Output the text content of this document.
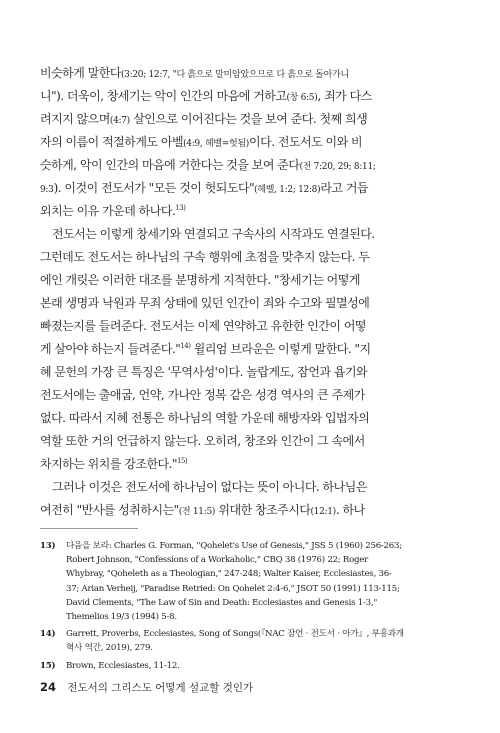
비슷하게 말한다(3:20; 12:7, "다 흙으로 말미암았으므로 다 흙으로 돌아가니
니"). 더욱이, 창세기는 악이 인간의 마음에 거하고(창 6:5), 죄가 다스
려지지 않으며(4:7) 살인으로 이어진다는 것을 보여 준다. 첫째 희생
자의 이름이 적절하게도 아벨(4:9, 헤벨=헛됨)이다. 전도서도 이와 비
슷하게, 악이 인간의 마음에 거한다는 것을 보여 준다(전 7:20, 29; 8:11;
9:3). 이것이 전도서가 "모든 것이 헛되도다"(헤벨, 1:2; 12:8)라고 거듭
외치는 이유 가운데 하나다.$^{13)}$
전도서는 이렇게 창세기와 연결되고 구속사의 시작과도 연결된다.
그런데도 전도서는 하나님의 구속 행위에 초점을 맞추지 않는다. 두
에인 개릿은 이러한 대조를 분명하게 지적한다. "창세기는 어떻게
본래 생명과 낙원과 무죄 상태에 있던 인간이 죄와 수고와 필멸성에
빠졌는지를 들려준다. 전도서는 이제 연약하고 유한한 인간이 어떻
게 살아야 하는지 들려준다."$^{14)}$ 윌리엄 브라운은 이렇게 말한다. "지
혜 문헌의 가장 큰 특징은 '무역사성'이다. 놀랍게도, 잠언과 욥기와
전도서에는 출애굽, 언약, 가나안 정복 같은 성경 역사의 큰 주제가
없다. 따라서 지혜 전통은 하나님의 역할 가운데 해방자와 입법자의
역할 또한 거의 언급하지 않는다. 오히려, 창조와 인간이 그 속에서
차지하는 위치를 강조한다."$^{15)}$
그러나 이것은 전도서에 하나님이 없다는 뜻이 아니다. 하나님은
여전히 "반사를 성취하시는"(전 11:5) 위대한 창조주시다(12:1). 하나
13)	다음을 보라: Charles G. Forman, "Qohelet's Use of Genesis," JSS 5 (1960) 256-263;
Robert Johnson, "Confessions of a Workaholic," CBQ 38 (1976) 22; Roger
Whybray, "Qoheleth as a Theologian," 247-248; Walter Kaiser, Ecclesiastes, 36-
37; Arian Verheij, "Paradise Retried: On Qohelet 2:4-6," JSOT 50 (1991) 113-115;
David Clements, "The Law of Sin and Death: Ecclesiastes and Genesis 1-3,"
Themelios 19/3 (1994) 5-8.
14)	Garrett, Proverbs, Ecclesiastes, Song of Songs(『NAC 잠언 · 전도서 · 아가』, 부흥과개
혁사 역간, 2019), 279.
15)	Brown, Ecclesiastes, 11-12.
24 전도서의 그리스도 어떻게 설교할 것인가
